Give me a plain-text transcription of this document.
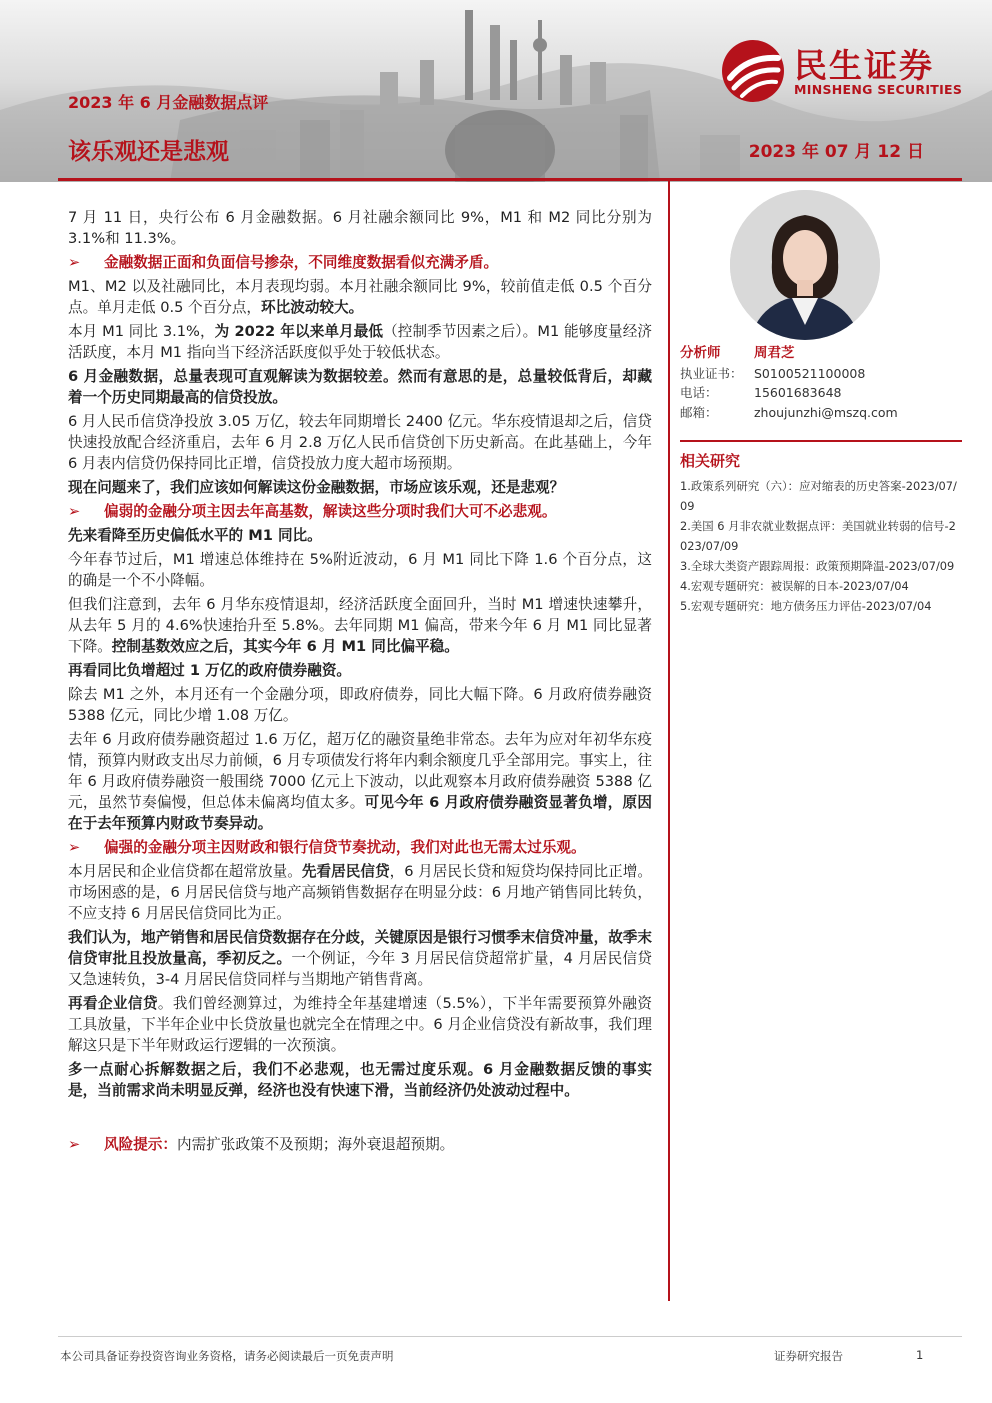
民生证券
MINSHENG SECURITIES
2023 年 6 月金融数据点评
该乐观还是悲观	2023 年 07 月 12 日

7 月 11 日，央行公布 6 月金融数据。6 月社融余额同比 9%，M1 和 M2 同比分别为 3.1%和 11.3%。

➢	金融数据正面和负面信号掺杂，不同维度数据看似充满矛盾。

M1、M2 以及社融同比，本月表现均弱。本月社融余额同比 9%，较前值走低 0.5 个百分点。单月走低 0.5 个百分点，环比波动较大。

本月 M1 同比 3.1%，为 2022 年以来单月最低（控制季节因素之后）。M1 能够度量经济活跃度，本月 M1 指向当下经济活跃度似乎处于较低状态。

6 月金融数据，总量表现可直观解读为数据较差。然而有意思的是，总量较低背后，却藏着一个历史同期最高的信贷投放。

6 月人民币信贷净投放 3.05 万亿，较去年同期增长 2400 亿元。华东疫情退却之后，信贷快速投放配合经济重启，去年 6 月 2.8 万亿人民币信贷创下历史新高。在此基础上，今年 6 月表内信贷仍保持同比正增，信贷投放力度大超市场预期。

现在问题来了，我们应该如何解读这份金融数据，市场应该乐观，还是悲观？

➢	偏弱的金融分项主因去年高基数，解读这些分项时我们大可不必悲观。

先来看降至历史偏低水平的 M1 同比。

今年春节过后，M1 增速总体维持在 5%附近波动，6 月 M1 同比下降 1.6 个百分点，这的确是一个不小降幅。

但我们注意到，去年 6 月华东疫情退却，经济活跃度全面回升，当时 M1 增速快速攀升，从去年 5 月的 4.6%快速抬升至 5.8%。去年同期 M1 偏高，带来今年 6 月 M1 同比显著下降。控制基数效应之后，其实今年 6 月 M1 同比偏平稳。

再看同比负增超过 1 万亿的政府债券融资。

除去 M1 之外，本月还有一个金融分项，即政府债券，同比大幅下降。6 月政府债券融资 5388 亿元，同比少增 1.08 万亿。

去年 6 月政府债券融资超过 1.6 万亿，超万亿的融资量绝非常态。去年为应对年初华东疫情，预算内财政支出尽力前倾，6 月专项债发行将年内剩余额度几乎全部用完。事实上，往年 6 月政府债券融资一般围绕 7000 亿元上下波动，以此观察本月政府债券融资 5388 亿元，虽然节奏偏慢，但总体未偏离均值太多。可见今年 6 月政府债券融资显著负增，原因在于去年预算内财政节奏异动。

➢	偏强的金融分项主因财政和银行信贷节奏扰动，我们对此也无需太过乐观。

本月居民和企业信贷都在超常放量。先看居民信贷，6 月居民长贷和短贷均保持同比正增。市场困惑的是，6 月居民信贷与地产高频销售数据存在明显分歧：6 月地产销售同比转负，不应支持 6 月居民信贷同比为正。

我们认为，地产销售和居民信贷数据存在分歧，关键原因是银行习惯季末信贷冲量，故季末信贷审批且投放量高，季初反之。一个例证，今年 3 月居民信贷超常扩量，4 月居民信贷又急速转负，3-4 月居民信贷同样与当期地产销售背离。

再看企业信贷。我们曾经测算过，为维持全年基建增速（5.5%），下半年需要预算外融资工具放量，下半年企业中长贷放量也就完全在情理之中。6 月企业信贷没有新故事，我们理解这只是下半年财政运行逻辑的一次预演。

多一点耐心拆解数据之后，我们不必悲观，也无需过度乐观。6 月金融数据反馈的事实是，当前需求尚未明显反弹，经济也没有快速下滑，当前经济仍处波动过程中。

➢	风险提示：内需扩张政策不及预期；海外衰退超预期。

分析师	周君芝
执业证书： S0100521100008
电话：	15601683648
邮箱：	zhoujunzhi@mszq.com
相关研究
1.政策系列研究（六）：应对缩表的历史答案-2023/07/09
2.美国 6 月非农就业数据点评：美国就业转弱的信号-2023/07/09
3.全球大类资产跟踪周报：政策预期降温-2023/07/09
4.宏观专题研究：被误解的日本-2023/07/04
5.宏观专题研究：地方债务压力评估-2023/07/04
本公司具备证券投资咨询业务资格，请务必阅读最后一页免责声明	证券研究报告	1
